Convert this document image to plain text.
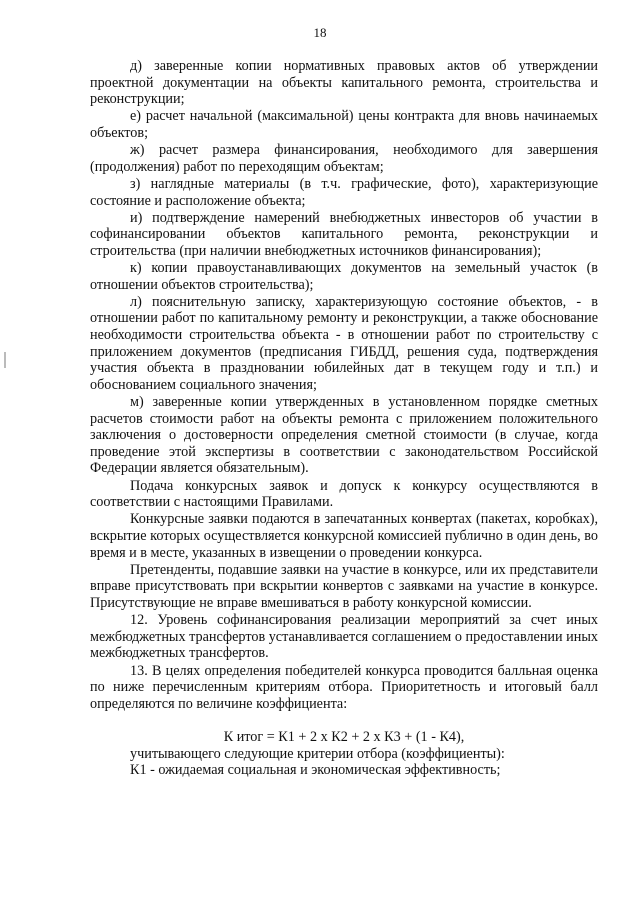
18

д) заверенные копии нормативных правовых актов об утверждении проектной документации на объекты капитального ремонта, строительства и реконструкции;

е) расчет начальной (максимальной) цены контракта для вновь начинаемых объектов;

ж) расчет размера финансирования, необходимого для завершения (продолжения) работ по переходящим объектам;

з) наглядные материалы (в т.ч. графические, фото), характеризующие состояние и расположение объекта;

и) подтверждение намерений внебюджетных инвесторов об участии в софинансировании объектов капитального ремонта, реконструкции и строительства (при наличии внебюджетных источников финансирования);

к) копии правоустанавливающих документов на земельный участок (в отношении объектов строительства);

л) пояснительную записку, характеризующую состояние объектов, - в отношении работ по капитальному ремонту и реконструкции, а также обоснование необходимости строительства объекта - в отношении работ по строительству с приложением документов (предписания ГИБДД, решения суда, подтверждения участия объекта в праздновании юбилейных дат в текущем году и т.п.) и обоснованием социального значения;

м) заверенные копии утвержденных в установленном порядке сметных расчетов стоимости работ на объекты ремонта с приложением положительного заключения о достоверности определения сметной стоимости (в случае, когда проведение этой экспертизы в соответствии с законодательством Российской Федерации является обязательным).

Подача конкурсных заявок и допуск к конкурсу осуществляются в соответствии с настоящими Правилами.

Конкурсные заявки подаются в запечатанных конвертах (пакетах, коробках), вскрытие которых осуществляется конкурсной комиссией публично в один день, во время и в месте, указанных в извещении о проведении конкурса.

Претенденты, подавшие заявки на участие в конкурсе, или их представители вправе присутствовать при вскрытии конвертов с заявками на участие в конкурсе. Присутствующие не вправе вмешиваться в работу конкурсной комиссии.

12. Уровень софинансирования реализации мероприятий за счет иных межбюджетных трансфертов устанавливается соглашением о предоставлении иных межбюджетных трансфертов.

13. В целях определения победителей конкурса проводится балльная оценка по ниже перечисленным критериям отбора. Приоритетность и итоговый балл определяются по величине коэффициента:

К итог = К1 + 2 х К2 + 2 х К3 + (1 - К4),

учитывающего следующие критерии отбора (коэффициенты):

К1 - ожидаемая социальная и экономическая эффективность;
